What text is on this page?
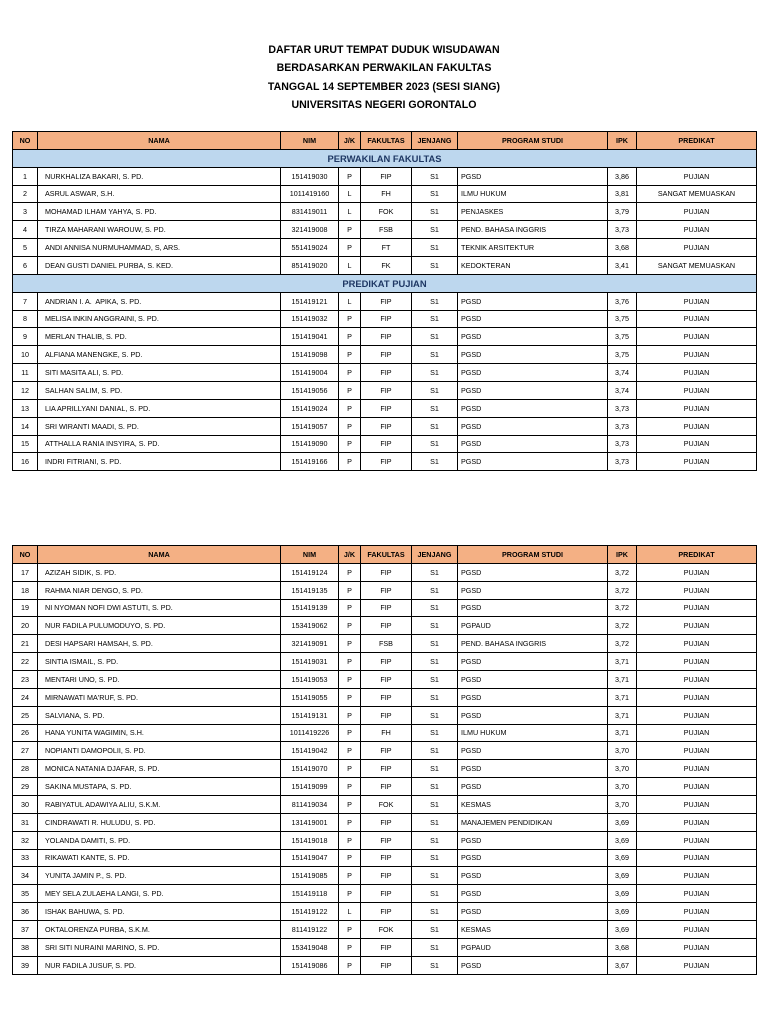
DAFTAR URUT TEMPAT DUDUK WISUDAWAN
BERDASARKAN PERWAKILAN FAKULTAS
TANGGAL 14 SEPTEMBER 2023 (SESI SIANG)
UNIVERSITAS NEGERI GORONTALO
NO	NAMA	NIM	J/K	FAKULTAS	JENJANG	PROGRAM STUDI	IPK	PREDIKAT
PERWAKILAN FAKULTAS								
1	NURKHALIZA BAKARI, S. PD.	151419030	P	FIP	S1	PGSD	3,86	PUJIAN
2	ASRUL ASWAR, S.H.	1011419160	L	FH	S1	ILMU HUKUM	3,81	SANGAT MEMUASKAN
3	MOHAMAD ILHAM YAHYA, S. PD.	831419011	L	FOK	S1	PENJASKES	3,79	PUJIAN
4	TIRZA MAHARANI WAROUW, S. PD.	321419008	P	FSB	S1	PEND. BAHASA INGGRIS	3,73	PUJIAN
5	ANDI ANNISA NURMUHAMMAD, S, ARS.	551419024	P	FT	S1	TEKNIK ARSITEKTUR	3,68	PUJIAN
6	DEAN GUSTI DANIEL PURBA, S. KED.	851419020	L	FK	S1	KEDOKTERAN	3,41	SANGAT MEMUASKAN
PREDIKAT PUJIAN								
7	ANDRIAN I. A.  APIKA, S. PD.	151419121	L	FIP	S1	PGSD	3,76	PUJIAN
8	MELISA INKIN ANGGRAINI, S. PD.	151419032	P	FIP	S1	PGSD	3,75	PUJIAN
9	MERLAN THALIB, S. PD.	151419041	P	FIP	S1	PGSD	3,75	PUJIAN
10	ALFIANA MANENGKE, S. PD.	151419098	P	FIP	S1	PGSD	3,75	PUJIAN
11	SITI MASITA ALI, S. PD.	151419004	P	FIP	S1	PGSD	3,74	PUJIAN
12	SALHAN SALIM, S. PD.	151419056	P	FIP	S1	PGSD	3,74	PUJIAN
13	LIA APRILLYANI DANIAL, S. PD.	151419024	P	FIP	S1	PGSD	3,73	PUJIAN
14	SRI WIRANTI MAADI, S. PD.	151419057	P	FIP	S1	PGSD	3,73	PUJIAN
15	ATTHALLA RANIA INSYIRA, S. PD.	151419090	P	FIP	S1	PGSD	3,73	PUJIAN
16	INDRI FITRIANI, S. PD.	151419166	P	FIP	S1	PGSD	3,73	PUJIAN
NO	NAMA	NIM	J/K	FAKULTAS	JENJANG	PROGRAM STUDI	IPK	PREDIKAT
17	AZIZAH SIDIK, S. PD.	151419124	P	FIP	S1	PGSD	3,72	PUJIAN
18	RAHMA NIAR DENGO, S. PD.	151419135	P	FIP	S1	PGSD	3,72	PUJIAN
19	NI NYOMAN NOFI DWI ASTUTI, S. PD.	151419139	P	FIP	S1	PGSD	3,72	PUJIAN
20	NUR FADILA PULUMODUYO, S. PD.	153419062	P	FIP	S1	PGPAUD	3,72	PUJIAN
21	DESI HAPSARI HAMSAH, S. PD.	321419091	P	FSB	S1	PEND. BAHASA INGGRIS	3,72	PUJIAN
22	SINTIA ISMAIL, S. PD.	151419031	P	FIP	S1	PGSD	3,71	PUJIAN
23	MENTARI UNO, S. PD.	151419053	P	FIP	S1	PGSD	3,71	PUJIAN
24	MIRNAWATI MA'RUF, S. PD.	151419055	P	FIP	S1	PGSD	3,71	PUJIAN
25	SALVIANA, S. PD.	151419131	P	FIP	S1	PGSD	3,71	PUJIAN
26	HANA YUNITA WAGIMIN, S.H.	1011419226	P	FH	S1	ILMU HUKUM	3,71	PUJIAN
27	NOPIANTI DAMOPOLII, S. PD.	151419042	P	FIP	S1	PGSD	3,70	PUJIAN
28	MONICA NATANIA DJAFAR, S. PD.	151419070	P	FIP	S1	PGSD	3,70	PUJIAN
29	SAKINA MUSTAPA, S. PD.	151419099	P	FIP	S1	PGSD	3,70	PUJIAN
30	RABIYATUL ADAWIYA ALIU, S.K.M.	811419034	P	FOK	S1	KESMAS	3,70	PUJIAN
31	CINDRAWATI R. HULUDU, S. PD.	131419001	P	FIP	S1	MANAJEMEN PENDIDIKAN	3,69	PUJIAN
32	YOLANDA DAMITI, S. PD.	151419018	P	FIP	S1	PGSD	3,69	PUJIAN
33	RIKAWATI KANTE, S. PD.	151419047	P	FIP	S1	PGSD	3,69	PUJIAN
34	YUNITA JAMIN P., S. PD.	151419085	P	FIP	S1	PGSD	3,69	PUJIAN
35	MEY SELA ZULAEHA LANGI, S. PD.	151419118	P	FIP	S1	PGSD	3,69	PUJIAN
36	ISHAK BAHUWA, S. PD.	151419122	L	FIP	S1	PGSD	3,69	PUJIAN
37	OKTALORENZA PURBA, S.K.M.	811419122	P	FOK	S1	KESMAS	3,69	PUJIAN
38	SRI SITI NURAINI MARINO, S. PD.	153419048	P	FIP	S1	PGPAUD	3,68	PUJIAN
39	NUR FADILA JUSUF, S. PD.	151419086	P	FIP	S1	PGSD	3,67	PUJIAN
